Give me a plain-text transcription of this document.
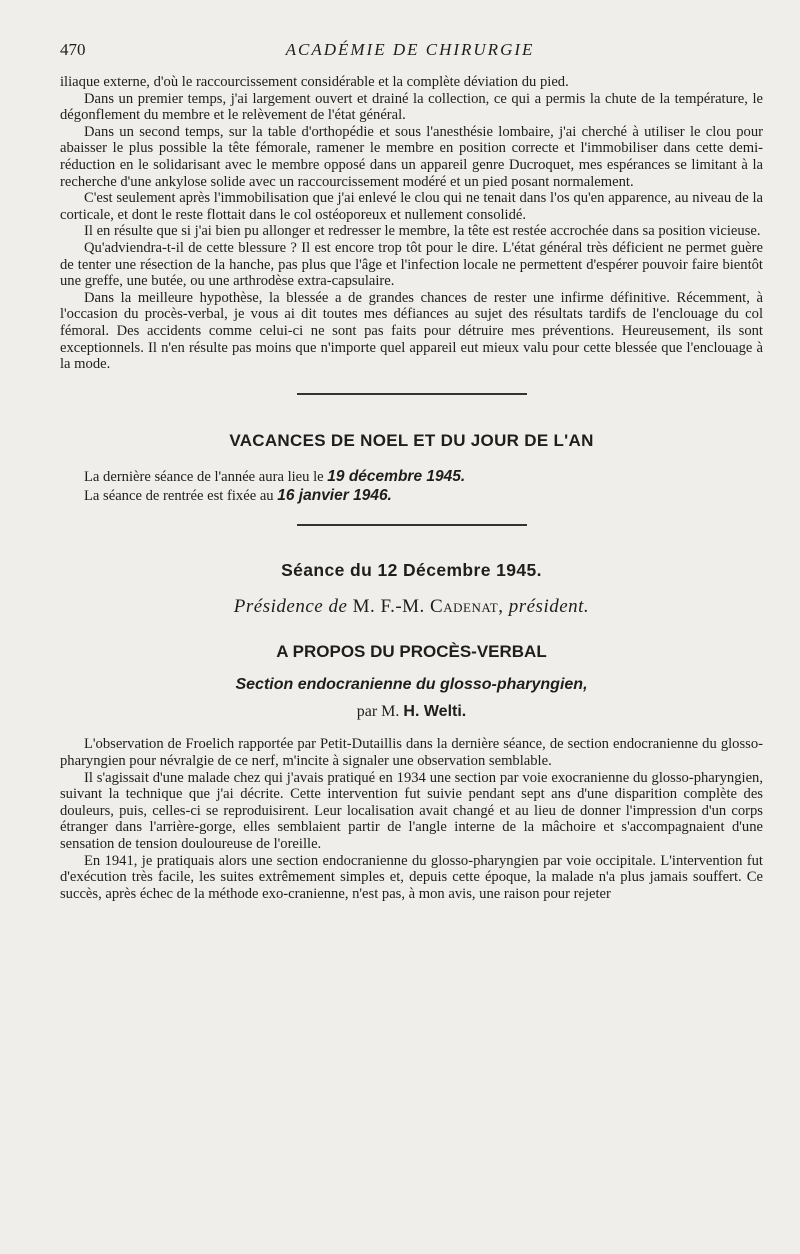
470	ACADÉMIE DE CHIRURGIE

iliaque externe, d'où le raccourcissement considérable et la complète déviation du pied.

Dans un premier temps, j'ai largement ouvert et drainé la collection, ce qui a permis la chute de la température, le dégonflement du membre et le relèvement de l'état général.

Dans un second temps, sur la table d'orthopédie et sous l'anesthésie lombaire, j'ai cherché à utiliser le clou pour abaisser le plus possible la tête fémorale, ramener le membre en position correcte et l'immobiliser dans cette demi-réduction en le solidarisant avec le membre opposé dans un appareil genre Ducroquet, mes espérances se limitant à la recherche d'une ankylose solide avec un raccourcissement modéré et un pied posant normalement.

C'est seulement après l'immobilisation que j'ai enlevé le clou qui ne tenait dans l'os qu'en apparence, au niveau de la corticale, et dont le reste flottait dans le col ostéoporeux et nullement consolidé.

Il en résulte que si j'ai bien pu allonger et redresser le membre, la tête est restée accrochée dans sa position vicieuse.

Qu'adviendra-t-il de cette blessure ? Il est encore trop tôt pour le dire. L'état général très déficient ne permet guère de tenter une résection de la hanche, pas plus que l'âge et l'infection locale ne permettent d'espérer pouvoir faire bientôt une greffe, une butée, ou une arthrodèse extra-capsulaire.

Dans la meilleure hypothèse, la blessée a de grandes chances de rester une infirme définitive. Récemment, à l'occasion du procès-verbal, je vous ai dit toutes mes défiances au sujet des résultats tardifs de l'enclouage du col fémoral. Des accidents comme celui-ci ne sont pas faits pour détruire mes préventions. Heureusement, ils sont exceptionnels. Il n'en résulte pas moins que n'importe quel appareil eut mieux valu pour cette blessée que l'enclouage à la mode.

VACANCES DE NOEL ET DU JOUR DE L'AN

La dernière séance de l'année aura lieu le 19 décembre 1945.

La séance de rentrée est fixée au 16 janvier 1946.

Séance du 12 Décembre 1945.
Présidence de M. F.-M. Cadenat, président.
A PROPOS DU PROCÈS-VERBAL
Section endocranienne du glosso-pharyngien,
par M. H. Welti.

L'observation de Froelich rapportée par Petit-Dutaillis dans la dernière séance, de section endocranienne du glosso-pharyngien pour névralgie de ce nerf, m'incite à signaler une observation semblable.

Il s'agissait d'une malade chez qui j'avais pratiqué en 1934 une section par voie exocranienne du glosso-pharyngien, suivant la technique que j'ai décrite. Cette intervention fut suivie pendant sept ans d'une disparition complète des douleurs, puis, celles-ci se reproduisirent. Leur localisation avait changé et au lieu de donner l'impression d'un corps étranger dans l'arrière-gorge, elles semblaient partir de l'angle interne de la mâchoire et s'accompagnaient d'une sensation de tension douloureuse de l'oreille.

En 1941, je pratiquais alors une section endocranienne du glosso-pharyngien par voie occipitale. L'intervention fut d'exécution très facile, les suites extrêmement simples et, depuis cette époque, la malade n'a plus jamais souffert. Ce succès, après échec de la méthode exo-cranienne, n'est pas, à mon avis, une raison pour rejeter
